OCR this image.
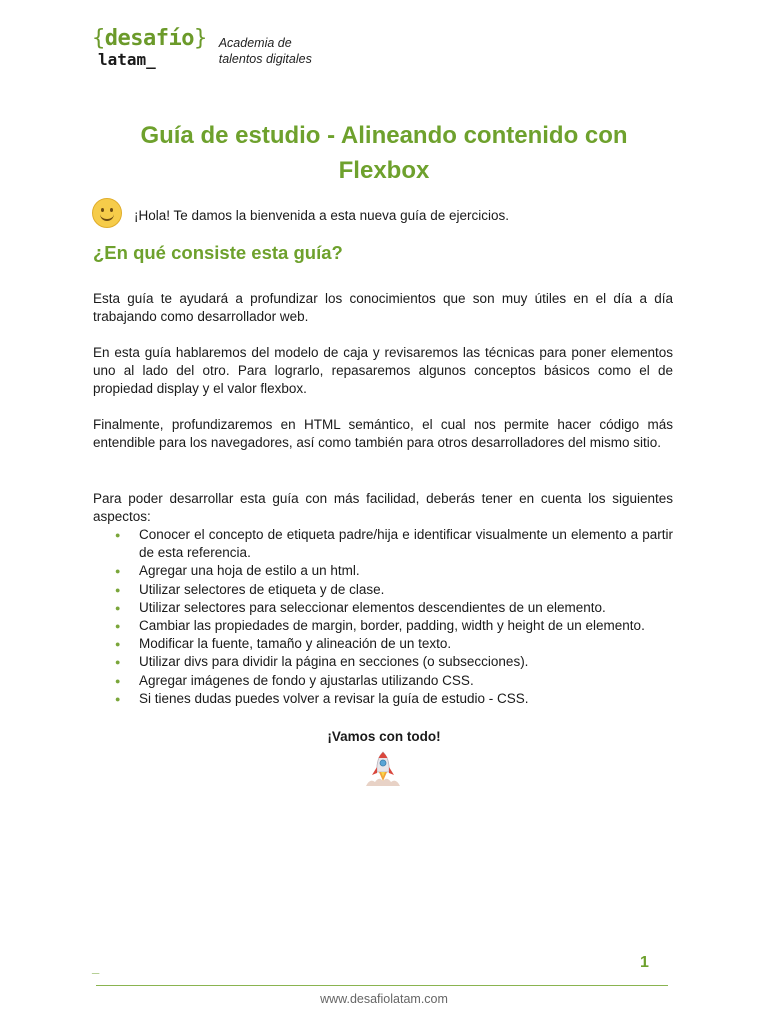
{desafío}
latam_
Academia de
talentos digitales
Guía de estudio - Alineando contenido con Flexbox
¡Hola! Te damos la bienvenida a esta nueva guía de ejercicios.
¿En qué consiste esta guía?

Esta guía te ayudará a profundizar los conocimientos que son muy útiles en el día a día trabajando como desarrollador web.

En esta guía hablaremos del modelo de caja y revisaremos las técnicas para poner elementos uno al lado del otro. Para lograrlo, repasaremos algunos conceptos básicos como el de propiedad display y el valor flexbox.

Finalmente, profundizaremos en HTML semántico, el cual nos permite hacer código más entendible para los navegadores, así como también para otros desarrolladores del mismo sitio.

Para poder desarrollar esta guía con más facilidad, deberás tener en cuenta los siguientes aspectos:

● Conocer el concepto de etiqueta padre/hija e identificar visualmente un elemento a partir de esta referencia.
● Agregar una hoja de estilo a un html.
● Utilizar selectores de etiqueta y de clase.
● Utilizar selectores para seleccionar elementos descendientes de un elemento.
● Cambiar las propiedades de margin, border, padding, width y height de un elemento.
● Modificar la fuente, tamaño y alineación de un texto.
● Utilizar divs para dividir la página en secciones (o subsecciones).
● Agregar imágenes de fondo y ajustarlas utilizando CSS.
● Si tienes dudas puedes volver a revisar la guía de estudio - CSS.
¡Vamos con todo!
_	1
www.desafiolatam.com
